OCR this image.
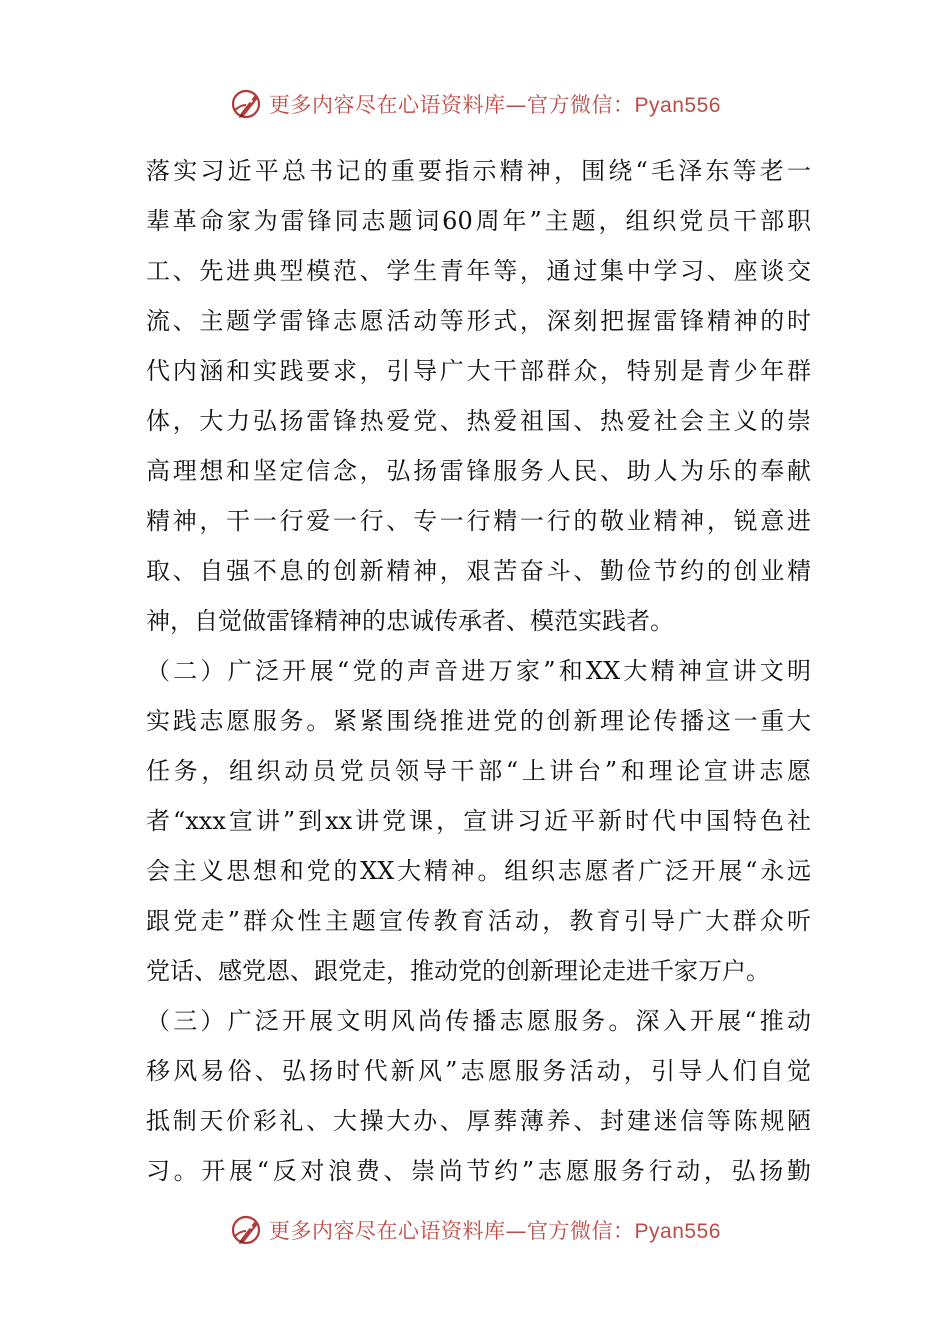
更多内容尽在心语资料库—官方微信：Pyan556
落实习近平总书记的重要指示精神，围绕“毛泽东等老一
辈革命家为雷锋同志题词60周年”主题，组织党员干部职
工、先进典型模范、学生青年等，通过集中学习、座谈交
流、主题学雷锋志愿活动等形式，深刻把握雷锋精神的时
代内涵和实践要求，引导广大干部群众，特别是青少年群
体，大力弘扬雷锋热爱党、热爱祖国、热爱社会主义的崇
高理想和坚定信念，弘扬雷锋服务人民、助人为乐的奉献
精神，干一行爱一行、专一行精一行的敬业精神，锐意进
取、自强不息的创新精神，艰苦奋斗、勤俭节约的创业精
神，自觉做雷锋精神的忠诚传承者、模范实践者。
（二）广泛开展“党的声音进万家”和XX大精神宣讲文明
实践志愿服务。紧紧围绕推进党的创新理论传播这一重大
任务，组织动员党员领导干部“上讲台”和理论宣讲志愿
者“xxx宣讲”到xx讲党课，宣讲习近平新时代中国特色社
会主义思想和党的XX大精神。组织志愿者广泛开展“永远
跟党走”群众性主题宣传教育活动，教育引导广大群众听
党话、感党恩、跟党走，推动党的创新理论走进千家万户。
（三）广泛开展文明风尚传播志愿服务。深入开展“推动
移风易俗、弘扬时代新风”志愿服务活动，引导人们自觉
抵制天价彩礼、大操大办、厚葬薄养、封建迷信等陈规陋
习。开展“反对浪费、崇尚节约”志愿服务行动，弘扬勤
更多内容尽在心语资料库—官方微信：Pyan556
